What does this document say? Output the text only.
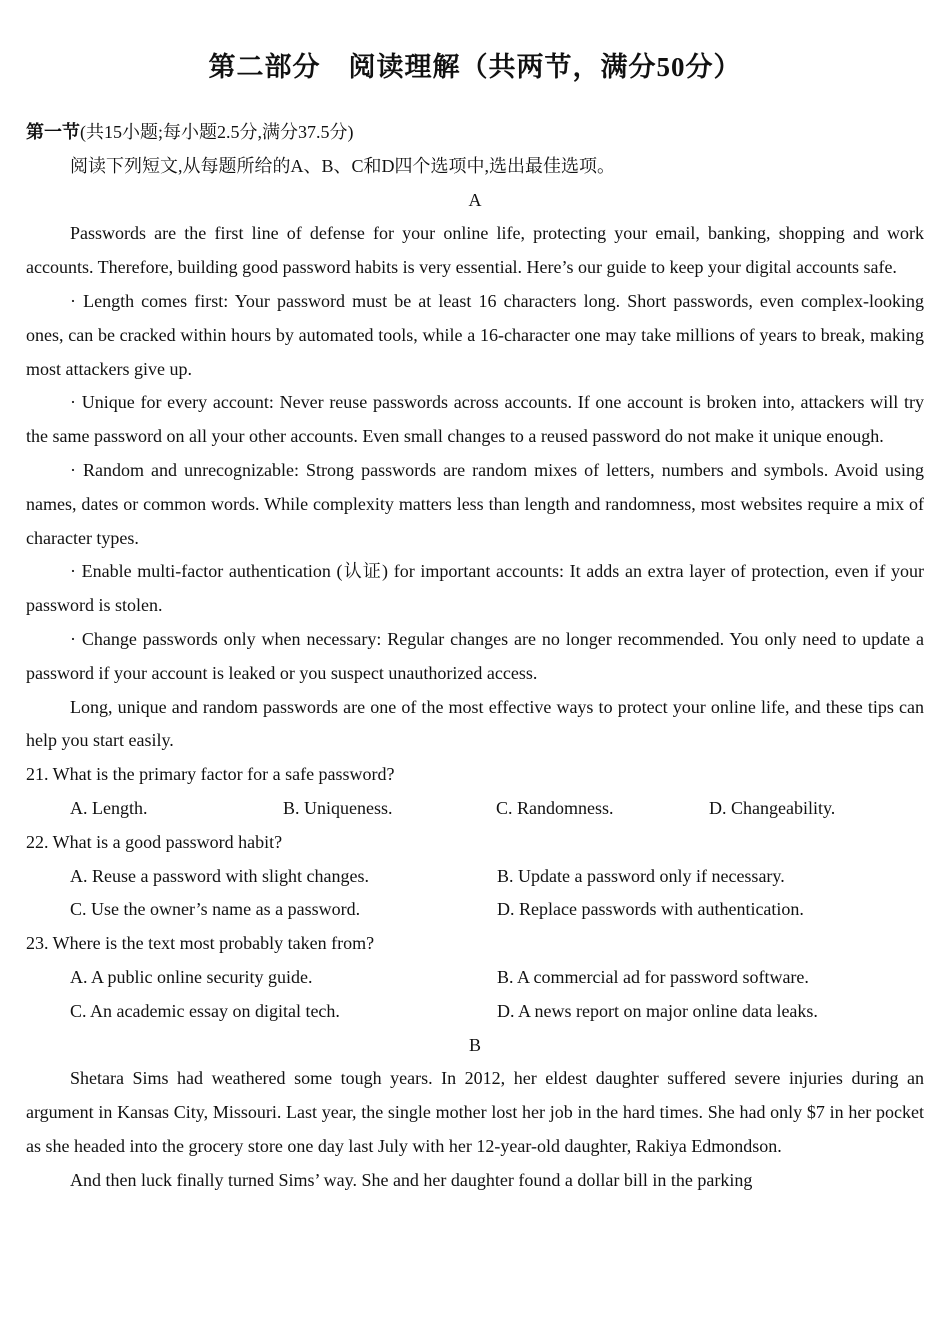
第二部分　阅读理解（共两节，满分50分）

第一节(共15小题;每小题2.5分,满分37.5分)

阅读下列短文,从每题所给的A、B、C和D四个选项中,选出最佳选项。

A

Passwords are the first line of defense for your online life, protecting your email, banking, shopping and work accounts. Therefore, building good password habits is very essential. Here’s our guide to keep your digital accounts safe.

· Length comes first: Your password must be at least 16 characters long. Short passwords, even complex-looking ones, can be cracked within hours by automated tools, while a 16-character one may take millions of years to break, making most attackers give up.

· Unique for every account: Never reuse passwords across accounts. If one account is broken into, attackers will try the same password on all your other accounts. Even small changes to a reused password do not make it unique enough.

· Random and unrecognizable: Strong passwords are random mixes of letters, numbers and symbols. Avoid using names, dates or common words. While complexity matters less than length and randomness, most websites require a mix of character types.

· Enable multi-factor authentication (认证) for important accounts: It adds an extra layer of protection, even if your password is stolen.

· Change passwords only when necessary: Regular changes are no longer recommended. You only need to update a password if your account is leaked or you suspect unauthorized access.

Long, unique and random passwords are one of the most effective ways to protect your online life, and these tips can help you start easily.

21. What is the primary factor for a safe password?

A. Length.	B. Uniqueness.	C. Randomness.	D. Changeability.

22. What is a good password habit?

A. Reuse a password with slight changes.	B. Update a password only if necessary.
C. Use the owner’s name as a password.	D. Replace passwords with authentication.

23. Where is the text most probably taken from?

A. A public online security guide.	B. A commercial ad for password software.
C. An academic essay on digital tech.	D. A news report on major online data leaks.

B

Shetara Sims had weathered some tough years. In 2012, her eldest daughter suffered severe injuries during an argument in Kansas City, Missouri. Last year, the single mother lost her job in the hard times. She had only $7 in her pocket as she headed into the grocery store one day last July with her 12-year-old daughter, Rakiya Edmondson.

And then luck finally turned Sims’ way. She and her daughter found a dollar bill in the parking
